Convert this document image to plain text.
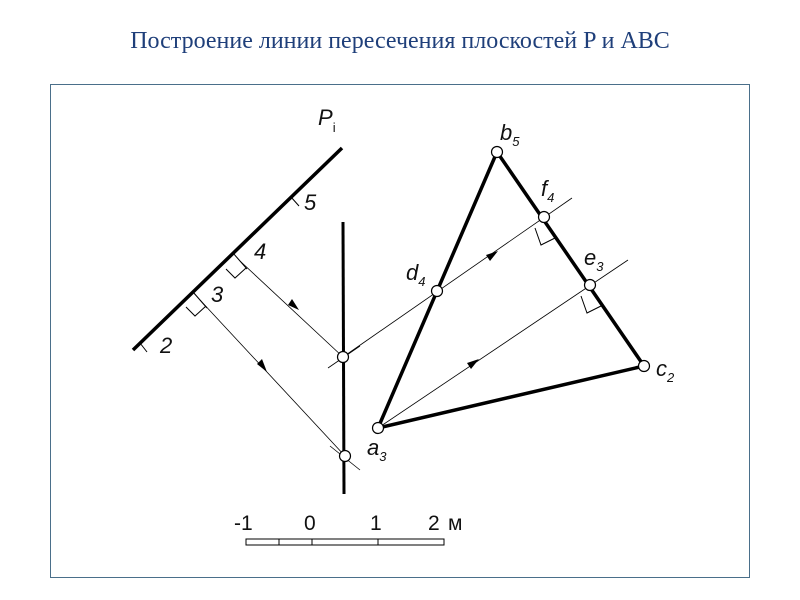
Построение линии пересечения плоскостей P и ABC
$P_i$
2
3
4
5
$b_5$
$f_4$
$e_3$
$d_4$
$c_2$
$a_3$
-1 0	1 2 м
